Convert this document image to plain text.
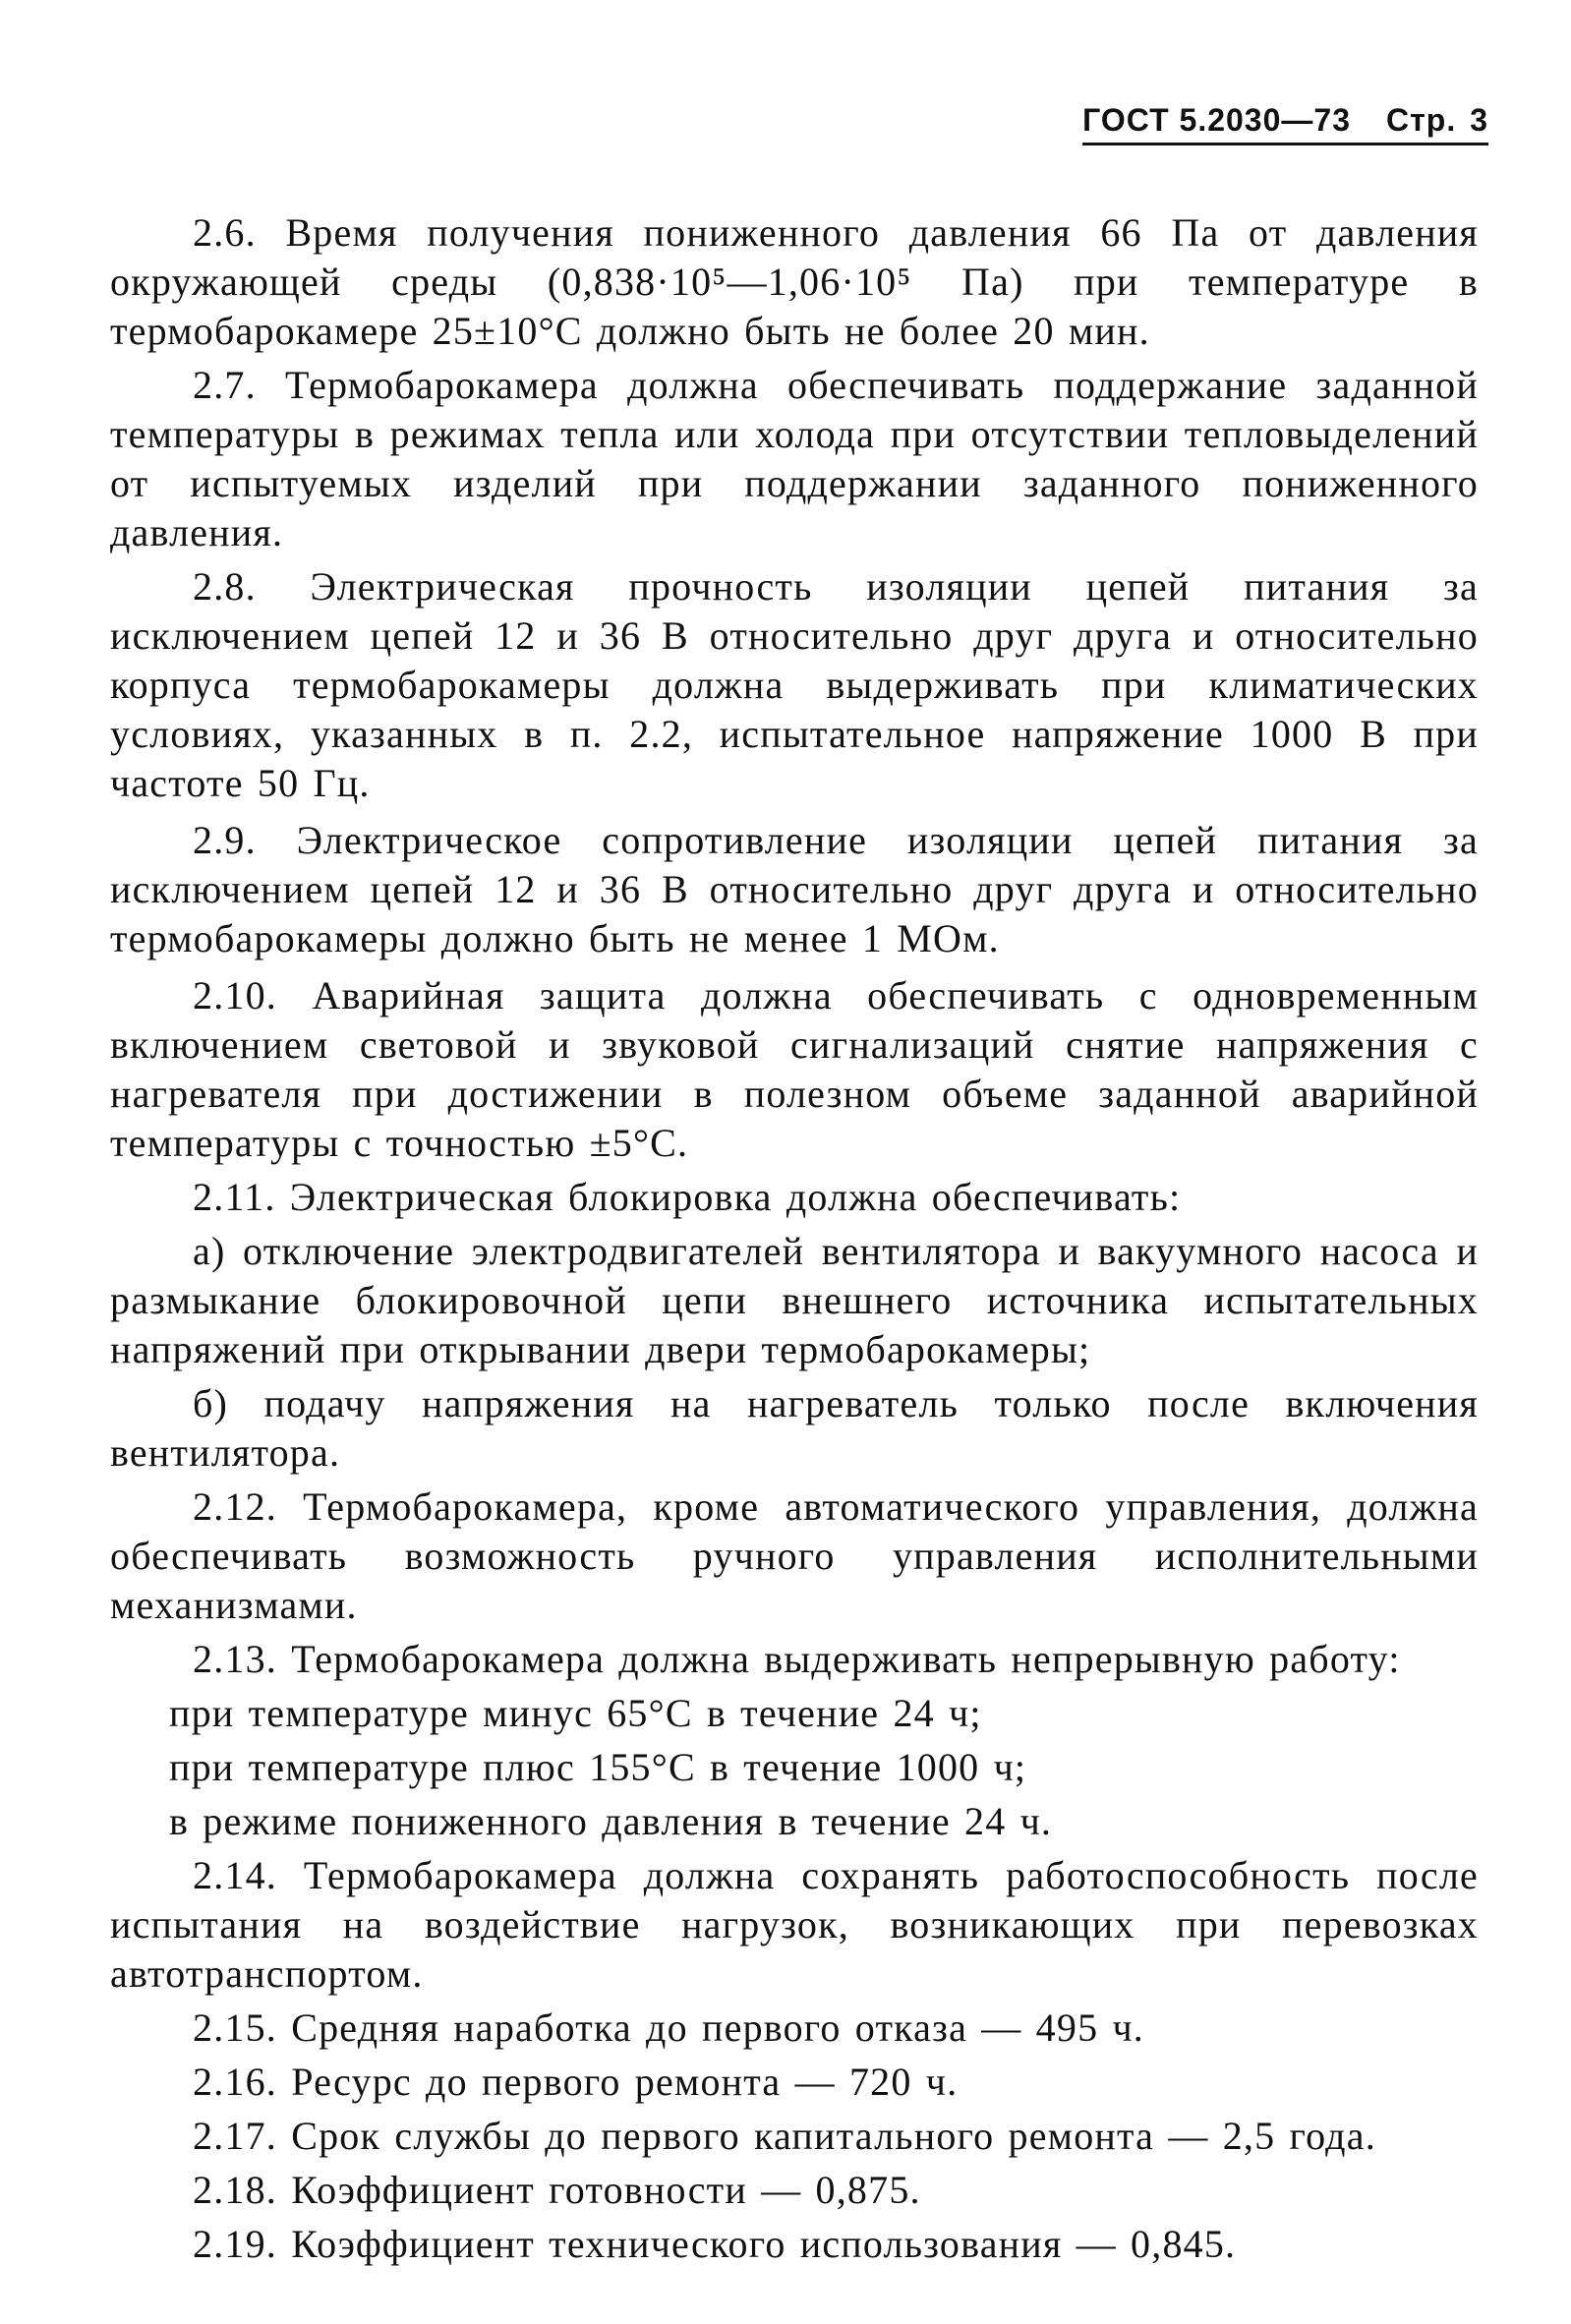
ГОСТ 5.2030—73 Стр. 3

2.6. Время получения пониженного давления 66 Па от давления окружающей среды (0,838·10⁵—1,06·10⁵ Па) при температуре в термобарокамере 25±10°С должно быть не более 20 мин.

2.7. Термобарокамера должна обеспечивать поддержание заданной температуры в режимах тепла или холода при отсутствии тепловыделений от испытуемых изделий при поддержании заданного пониженного давления.

2.8. Электрическая прочность изоляции цепей питания за исключением цепей 12 и 36 В относительно друг друга и относительно корпуса термобарокамеры должна выдерживать при климатических условиях, указанных в п. 2.2, испытательное напряжение 1000 В при частоте 50 Гц.

2.9. Электрическое сопротивление изоляции цепей питания за исключением цепей 12 и 36 В относительно друг друга и относительно термобарокамеры должно быть не менее 1 МОм.

2.10. Аварийная защита должна обеспечивать с одновременным включением световой и звуковой сигнализаций снятие напряжения с нагревателя при достижении в полезном объеме заданной аварийной температуры с точностью ±5°С.

2.11. Электрическая блокировка должна обеспечивать:

а) отключение электродвигателей вентилятора и вакуумного насоса и размыкание блокировочной цепи внешнего источника испытательных напряжений при открывании двери термобарокамеры;

б) подачу напряжения на нагреватель только после включения вентилятора.

2.12. Термобарокамера, кроме автоматического управления, должна обеспечивать возможность ручного управления исполнительными механизмами.

2.13. Термобарокамера должна выдерживать непрерывную работу:

при температуре минус 65°С в течение 24 ч;

при температуре плюс 155°С в течение 1000 ч;

в режиме пониженного давления в течение 24 ч.

2.14. Термобарокамера должна сохранять работоспособность после испытания на воздействие нагрузок, возникающих при перевозках автотранспортом.

2.15. Средняя наработка до первого отказа — 495 ч.

2.16. Ресурс до первого ремонта — 720 ч.

2.17. Срок службы до первого капитального ремонта — 2,5 года.

2.18. Коэффициент готовности — 0,875.

2.19. Коэффициент технического использования — 0,845.
